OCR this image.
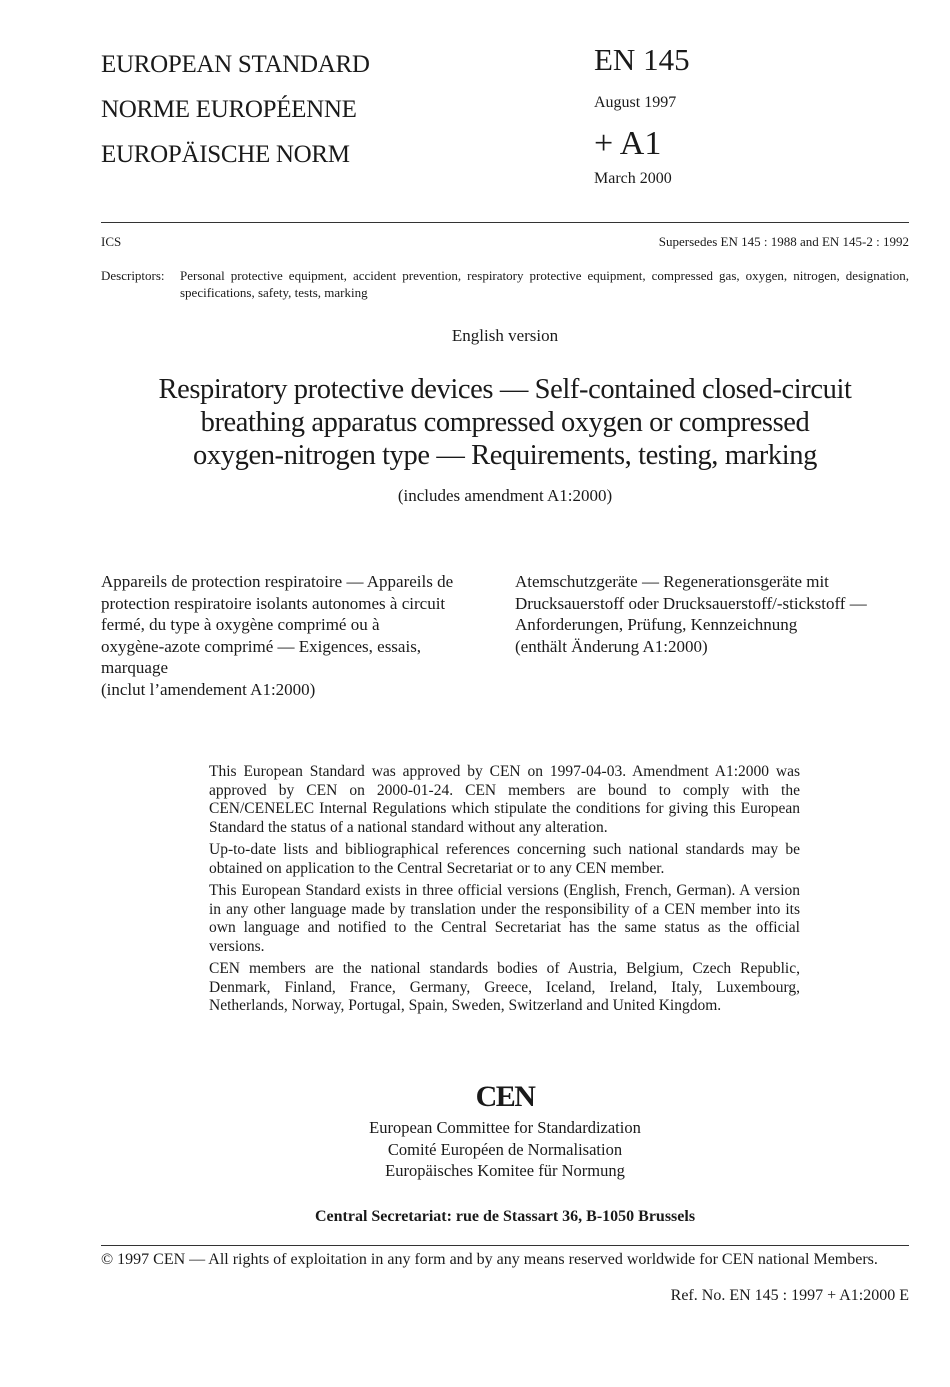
EUROPEAN STANDARD
NORME EUROPÉENNE
EUROPÄISCHE NORM
EN 145
August 1997
+ A1
March 2000
ICS	Supersedes EN 145 : 1988 and EN 145-2 : 1992
Descriptors: Personal protective equipment, accident prevention, respiratory protective equipment, compressed gas, oxygen, nitrogen, designation, specifications, safety, tests, marking
English version
Respiratory protective devices — Self-contained closed-circuit
breathing apparatus compressed oxygen or compressed
oxygen-nitrogen type — Requirements, testing, marking
(includes amendment A1:2000)
Appareils de protection respiratoire — Appareils de
protection respiratoire isolants autonomes à circuit
fermé, du type à oxygène comprimé ou à
oxygène-azote comprimé — Exigences, essais,
marquage
(inclut l’amendement A1:2000)
Atemschutzgeräte — Regenerationsgeräte mit
Drucksauerstoff oder Drucksauerstoff/-stickstoff —
Anforderungen, Prüfung, Kennzeichnung
(enthält Änderung A1:2000)

This European Standard was approved by CEN on 1997-04-03. Amendment A1:2000 was approved by CEN on 2000-01-24. CEN members are bound to comply with the CEN/CENELEC Internal Regulations which stipulate the conditions for giving this European Standard the status of a national standard without any alteration.

Up-to-date lists and bibliographical references concerning such national standards may be obtained on application to the Central Secretariat or to any CEN member.

This European Standard exists in three official versions (English, French, German). A version in any other language made by translation under the responsibility of a CEN member into its own language and notified to the Central Secretariat has the same status as the official versions.

CEN members are the national standards bodies of Austria, Belgium, Czech Republic, Denmark, Finland, France, Germany, Greece, Iceland, Ireland, Italy, Luxembourg, Netherlands, Norway, Portugal, Spain, Sweden, Switzerland and United Kingdom.

CEN
European Committee for Standardization
Comité Européen de Normalisation
Europäisches Komitee für Normung
Central Secretariat: rue de Stassart 36, B-1050 Brussels
© 1997 CEN — All rights of exploitation in any form and by any means reserved worldwide for CEN national Members.
Ref. No. EN 145 : 1997 + A1:2000 E
